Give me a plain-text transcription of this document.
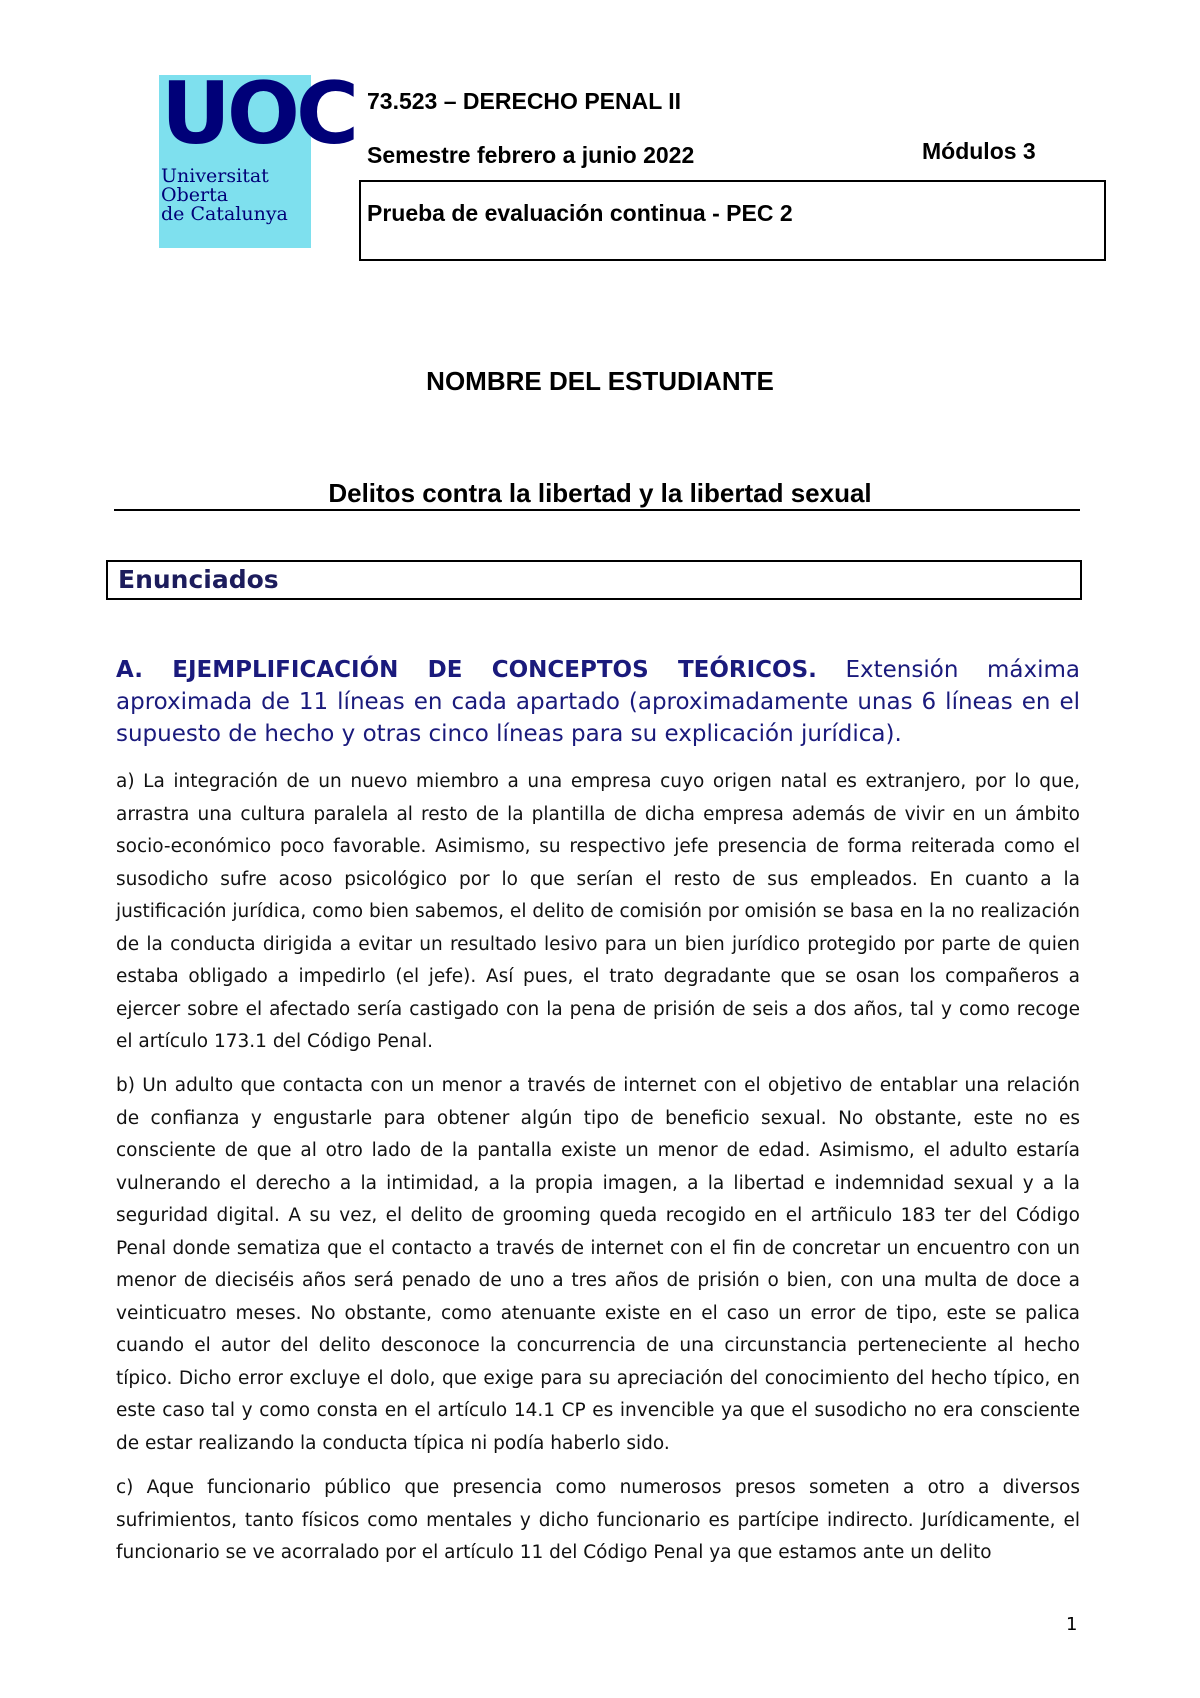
UOC
Universitat
Oberta
de Catalunya
73.523 – DERECHO PENAL II
Semestre febrero a junio 2022	Módulos 3
Prueba de evaluación continua - PEC 2
NOMBRE DEL ESTUDIANTE
Delitos contra la libertad y la libertad sexual
Enunciados

A. EJEMPLIFICACIÓN DE CONCEPTOS TEÓRICOS. Extensión máxima aproximada de 11 líneas en cada apartado (aproximadamente unas 6 líneas en el supuesto de hecho y otras cinco líneas para su explicación jurídica).

a) La integración de un nuevo miembro a una empresa cuyo origen natal es extranjero, por lo que, arrastra una cultura paralela al resto de la plantilla de dicha empresa además de vivir en un ámbito socio-económico poco favorable. Asimismo, su respectivo jefe presencia de forma reiterada como el susodicho sufre acoso psicológico por lo que serían el resto de sus empleados. En cuanto a la justificación jurídica, como bien sabemos, el delito de comisión por omisión se basa en la no realización de la conducta dirigida a evitar un resultado lesivo para un bien jurídico protegido por parte de quien estaba obligado a impedirlo (el jefe). Así pues, el trato degradante que se osan los compañeros a ejercer sobre el afectado sería castigado con la pena de prisión de seis a dos años, tal y como recoge el artículo 173.1 del Código Penal.

b) Un adulto que contacta con un menor a través de internet con el objetivo de entablar una relación de confianza y engustarle para obtener algún tipo de beneficio sexual. No obstante, este no es consciente de que al otro lado de la pantalla existe un menor de edad. Asimismo, el adulto estaría vulnerando el derecho a la intimidad, a la propia imagen, a la libertad e indemnidad sexual y a la seguridad digital. A su vez, el delito de grooming queda recogido en el artñiculo 183 ter del Código Penal donde sematiza que el contacto a través de internet con el fin de concretar un encuentro con un menor de dieciséis años será penado de uno a tres años de prisión o bien, con una multa de doce a veinticuatro meses. No obstante, como atenuante existe en el caso un error de tipo, este se palica cuando el autor del delito desconoce la concurrencia de una circunstancia perteneciente al hecho típico. Dicho error excluye el dolo, que exige para su apreciación del conocimiento del hecho típico, en este caso tal y como consta en el artículo 14.1 CP es invencible ya que el susodicho no era consciente de estar realizando la conducta típica ni podía haberlo sido.

c) Aque funcionario público que presencia como numerosos presos someten a otro a diversos sufrimientos, tanto físicos como mentales y dicho funcionario es partícipe indirecto. Jurídicamente, el funcionario se ve acorralado por el artículo 11 del Código Penal ya que estamos ante un delito

1
